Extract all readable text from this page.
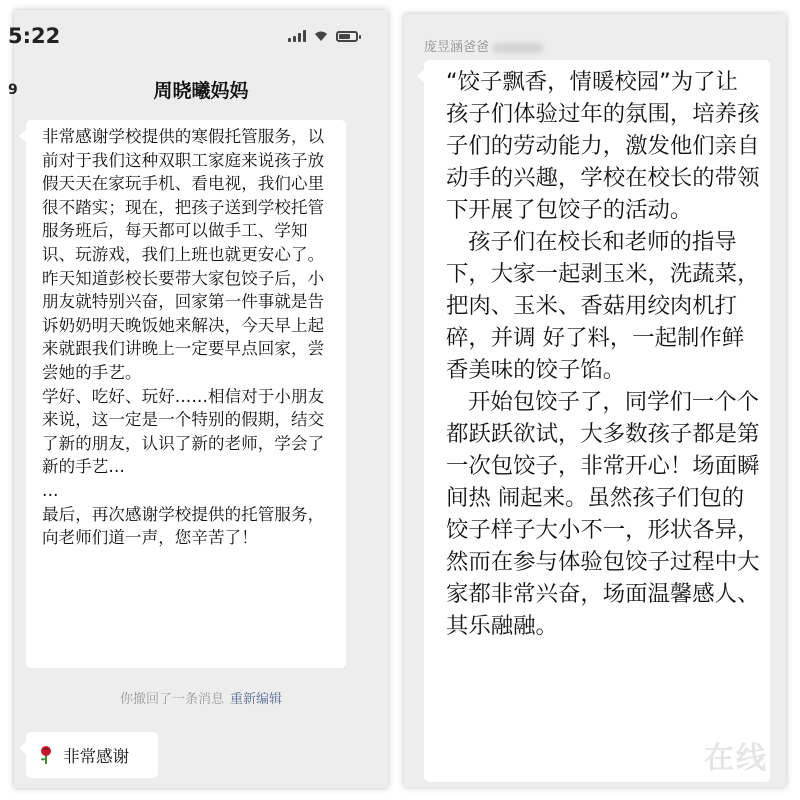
5:22
9	周晓曦妈妈
非常感谢学校提供的寒假托管服务，以前对于我们这种双职工家庭来说孩子放假天天在家玩手机、看电视，我们心里很不踏实；现在，把孩子送到学校托管服务班后，每天都可以做手工、学知识、玩游戏，我们上班也就更安心了。
昨天知道彭校长要带大家包饺子后，小朋友就特别兴奋，回家第一件事就是告诉奶奶明天晚饭她来解决，今天早上起来就跟我们讲晚上一定要早点回家，尝尝她的手艺。
学好、吃好、玩好……相信对于小朋友来说，这一定是一个特别的假期，结交了新的朋友，认识了新的老师，学会了新的手艺…
…
最后，再次感谢学校提供的托管服务，向老师们道一声，您辛苦了！
你撤回了一条消息 重新编辑
非常感谢
庞昱涵爸爸
“饺子飘香，情暖校园”为了让孩子们体验过年的氛围，培养孩子们的劳动能力，激发他们亲自动手的兴趣，学校在校长的带领下开展了包饺子的活动。
孩子们在校长和老师的指导下，大家一起剥玉米，洗蔬菜，把肉、玉米、香菇用绞肉机打碎，并调 好了料，一起制作鲜香美味的饺子馅。
开始包饺子了，同学们一个个都跃跃欲试，大多数孩子都是第一次包饺子，非常开心！场面瞬间热 闹起来。虽然孩子们包的饺子样子大小不一，形状各异，然而在参与体验包饺子过程中大家都非常兴奋，场面温馨感人、其乐融融。
在线
